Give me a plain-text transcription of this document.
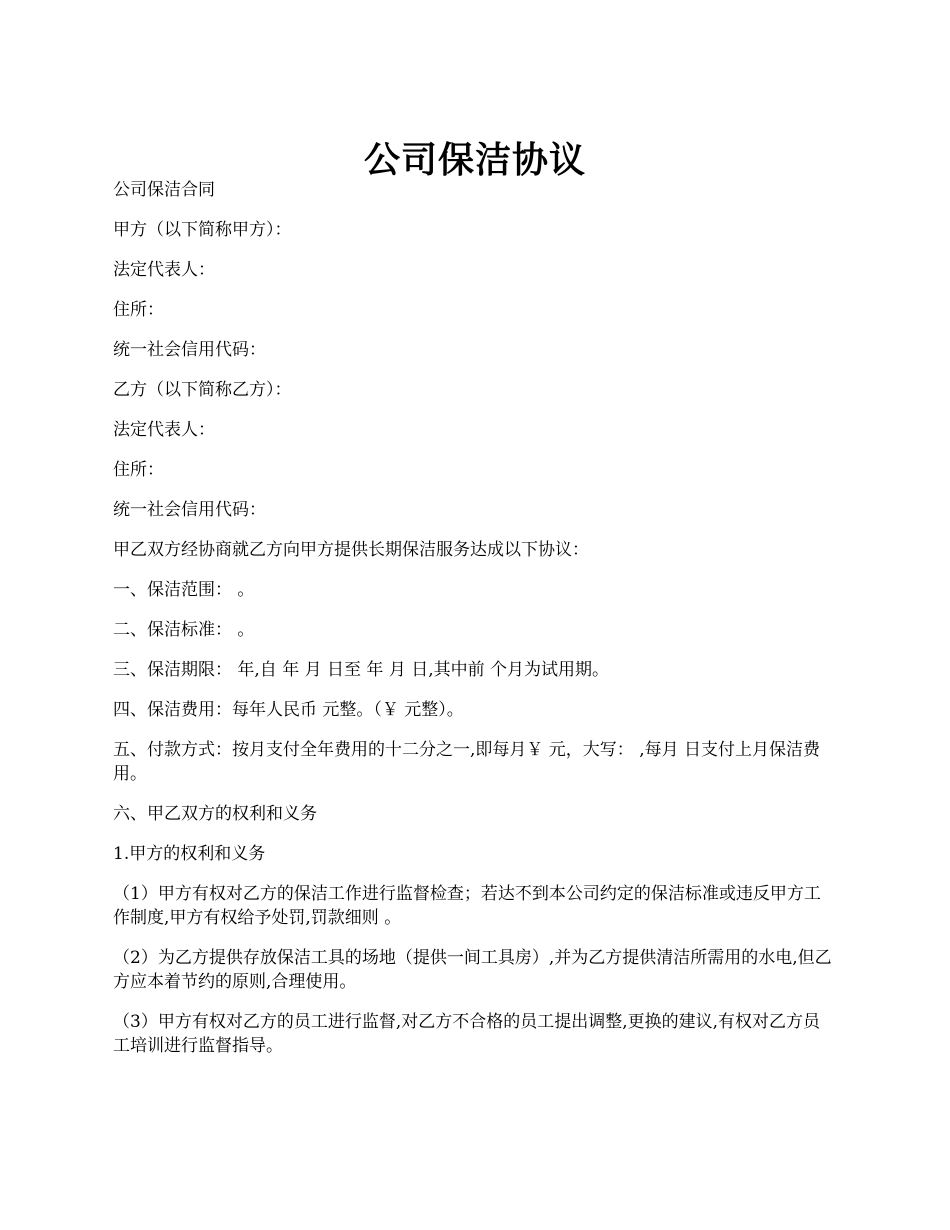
公司保洁协议

公司保洁合同

甲方（以下简称甲方）：

法定代表人：

住所：

统一社会信用代码：

乙方（以下简称乙方）：

法定代表人：

住所：

统一社会信用代码：

甲乙双方经协商就乙方向甲方提供长期保洁服务达成以下协议：

一、保洁范围： 。

二、保洁标准： 。

三、保洁期限： 年,自 年 月 日至 年 月 日,其中前 个月为试用期。

四、保洁费用：每年人民币 元整。（￥ 元整）。

五、付款方式：按月支付全年费用的十二分之一,即每月￥ 元，大写： ,每月 日支付上月保洁费用。

六、甲乙双方的权利和义务

1.甲方的权利和义务

（1）甲方有权对乙方的保洁工作进行监督检查；若达不到本公司约定的保洁标准或违反甲方工作制度,甲方有权给予处罚,罚款细则 。

（2）为乙方提供存放保洁工具的场地（提供一间工具房）,并为乙方提供清洁所需用的水电,但乙方应本着节约的原则,合理使用。

（3）甲方有权对乙方的员工进行监督,对乙方不合格的员工提出调整,更换的建议,有权对乙方员工培训进行监督指导。
